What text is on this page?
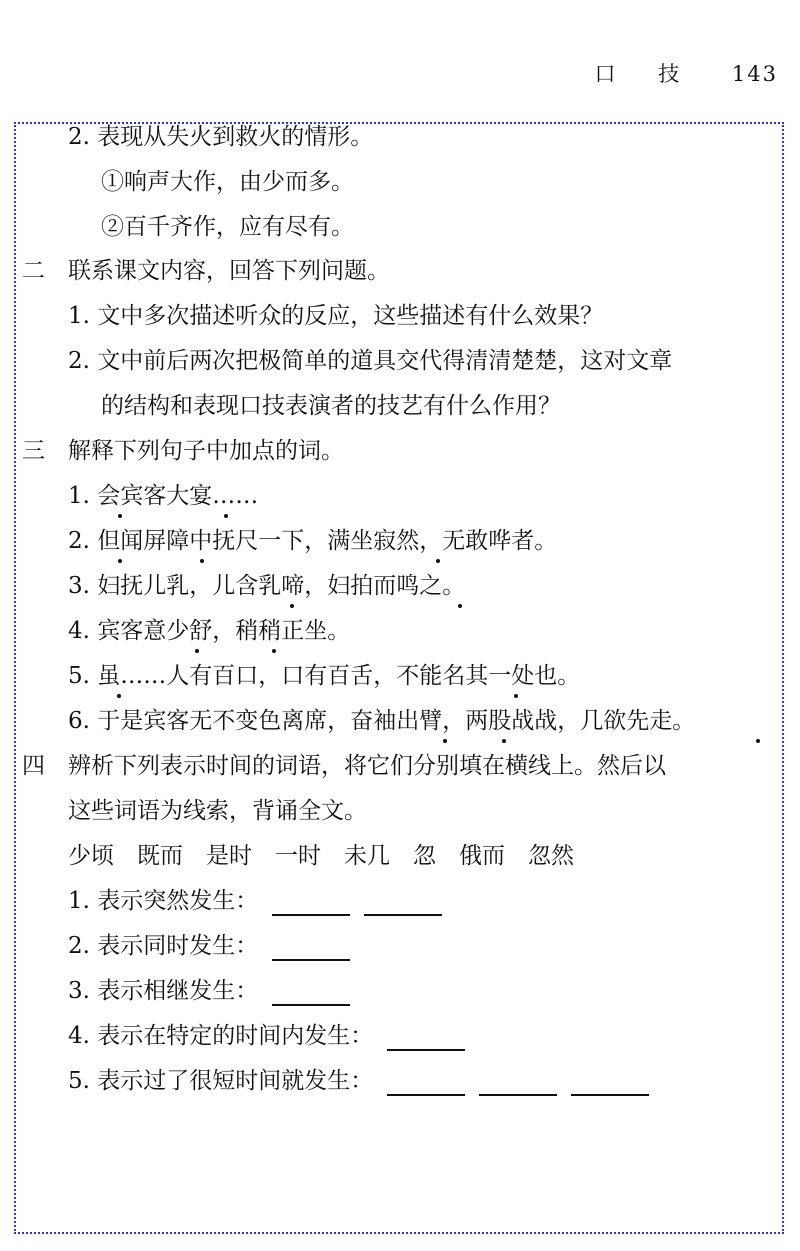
口 技 143
2. 表现从失火到救火的情形。
①响声大作，由少而多。
②百千齐作，应有尽有。
二　联系课文内容，回答下列问题。
1. 文中多次描述听众的反应，这些描述有什么效果？
2. 文中前后两次把极简单的道具交代得清清楚楚，这对文章
的结构和表现口技表演者的技艺有什么作用？
三　解释下列句子中加点的词。
1. 会宾客大宴……
2. 但闻屏障中抚尺一下，满坐寂然，无敢哗者。
3. 妇抚儿乳，儿含乳啼，妇拍而鸣之。
4. 宾客意少舒，稍稍正坐。
5. 虽……人有百口，口有百舌，不能名其一处也。
6. 于是宾客无不变色离席，奋袖出臂，两股战战，几欲先走。
四　辨析下列表示时间的词语，将它们分别填在横线上。然后以
这些词语为线索，背诵全文。
少顷　既而　是时　一时　未几　忽　俄而　忽然
1. 表示突然发生：
2. 表示同时发生：
3. 表示相继发生：
4. 表示在特定的时间内发生：
5. 表示过了很短时间就发生：
